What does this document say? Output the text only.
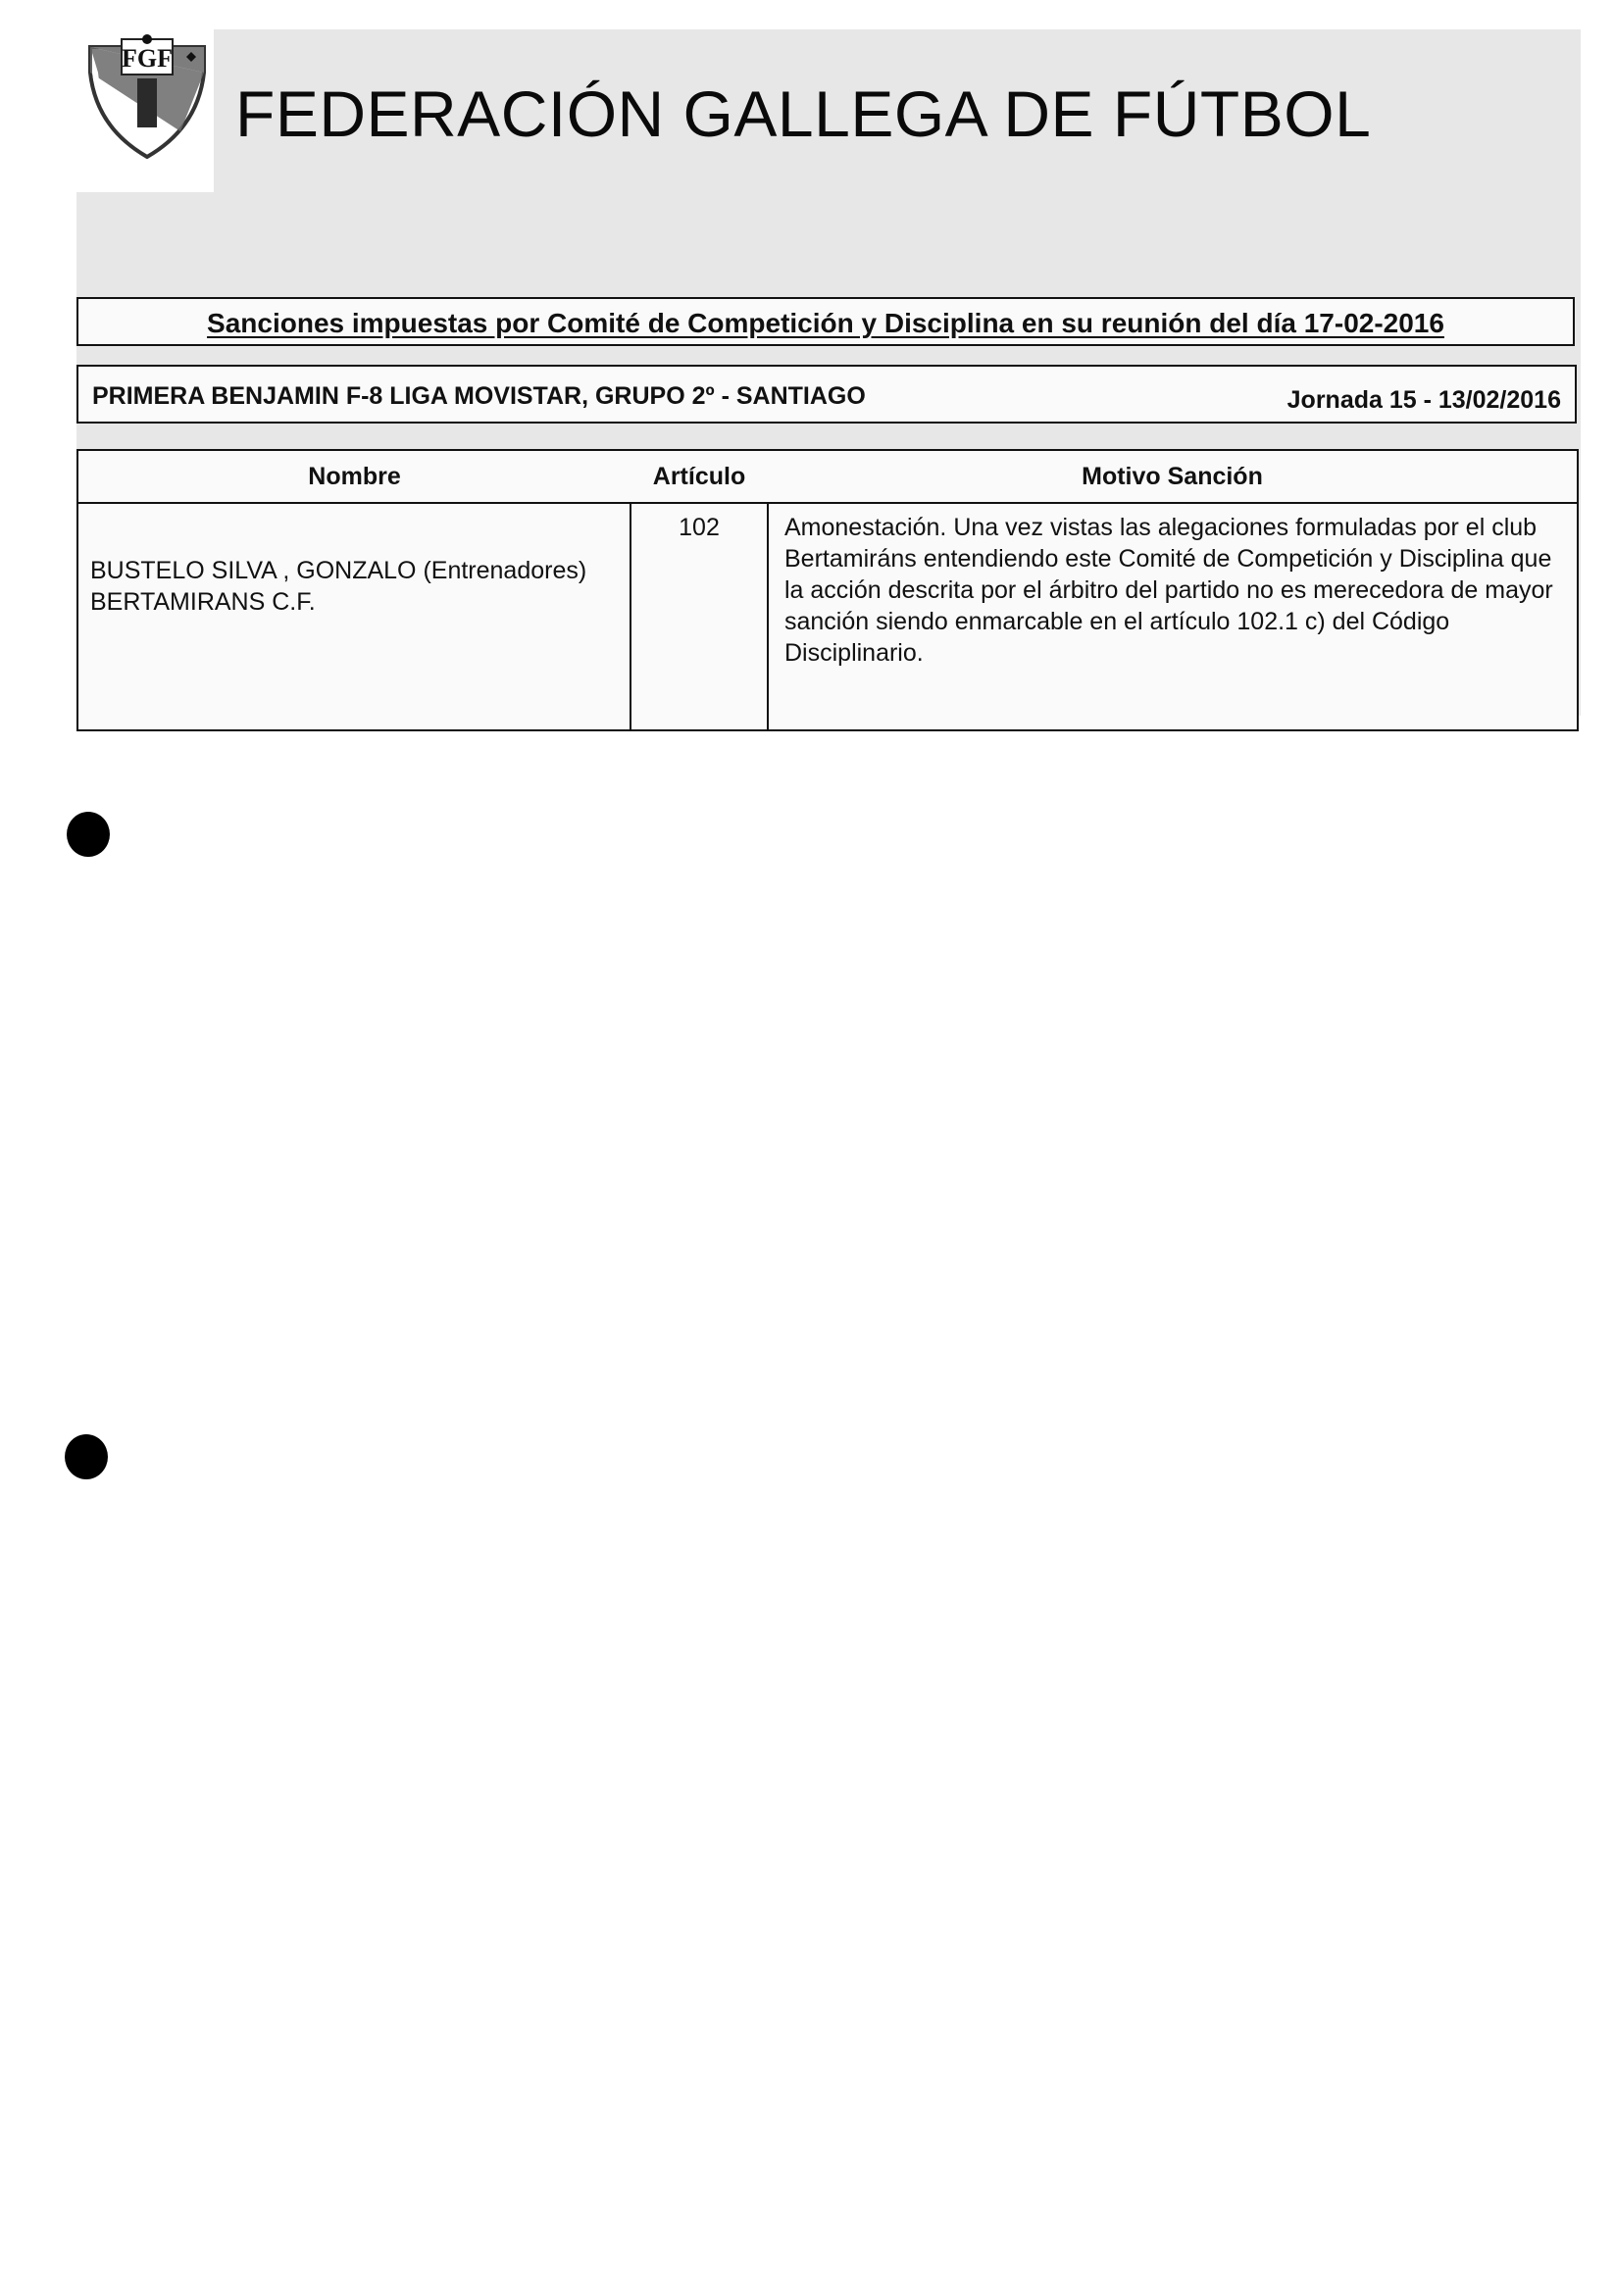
FGF
FEDERACIÓN GALLEGA DE FÚTBOL
Sanciones impuestas por Comité de Competición y Disciplina en su reunión del día 17-02-2016
PRIMERA BENJAMIN F-8 LIGA MOVISTAR, GRUPO 2º - SANTIAGO	Jornada 15 - 13/02/2016
Nombre	Artículo	Motivo Sanción

BUSTELO SILVA , GONZALO (Entrenadores)
BERTAMIRANS C.F.	102	Amonestación. Una vez vistas las alegaciones formuladas por el club Bertamiráns entendiendo este Comité de Competición y Disciplina que la acción descrita por el árbitro del partido no es merecedora de mayor sanción siendo enmarcable en el artículo 102.1 c) del Código Disciplinario.
